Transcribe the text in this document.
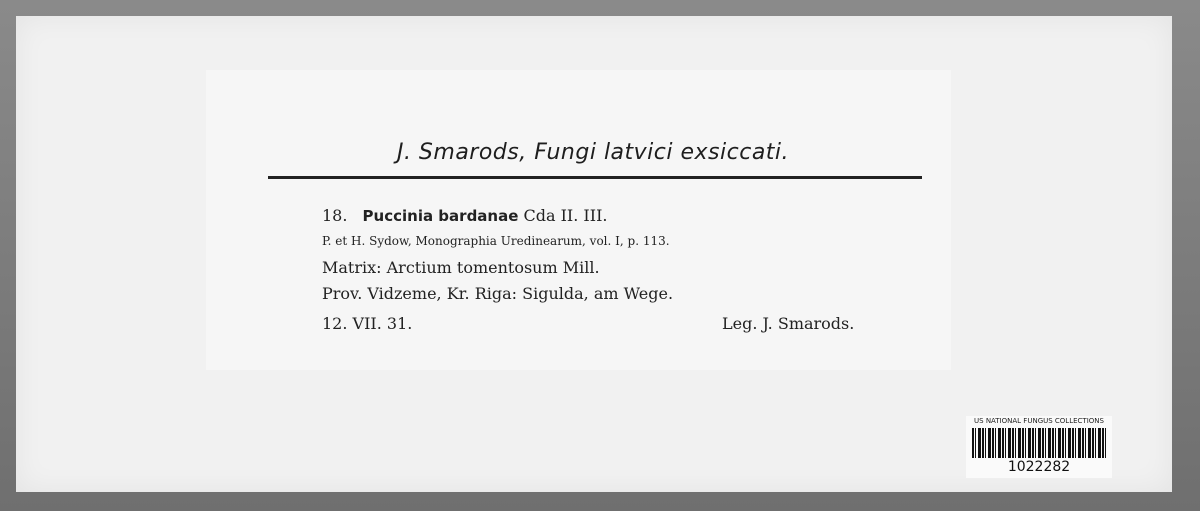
J. Smarods, Fungi latvici exsiccati.
18. Puccinia bardanae Cda II. III.
P. et H. Sydow, Monographia Uredinearum, vol. I, p. 113.
Matrix: Arctium tomentosum Mill.
Prov. Vidzeme, Kr. Riga: Sigulda, am Wege.
12. VII. 31.	Leg. J. Smarods.
US NATIONAL FUNGUS COLLECTIONS
1022282
